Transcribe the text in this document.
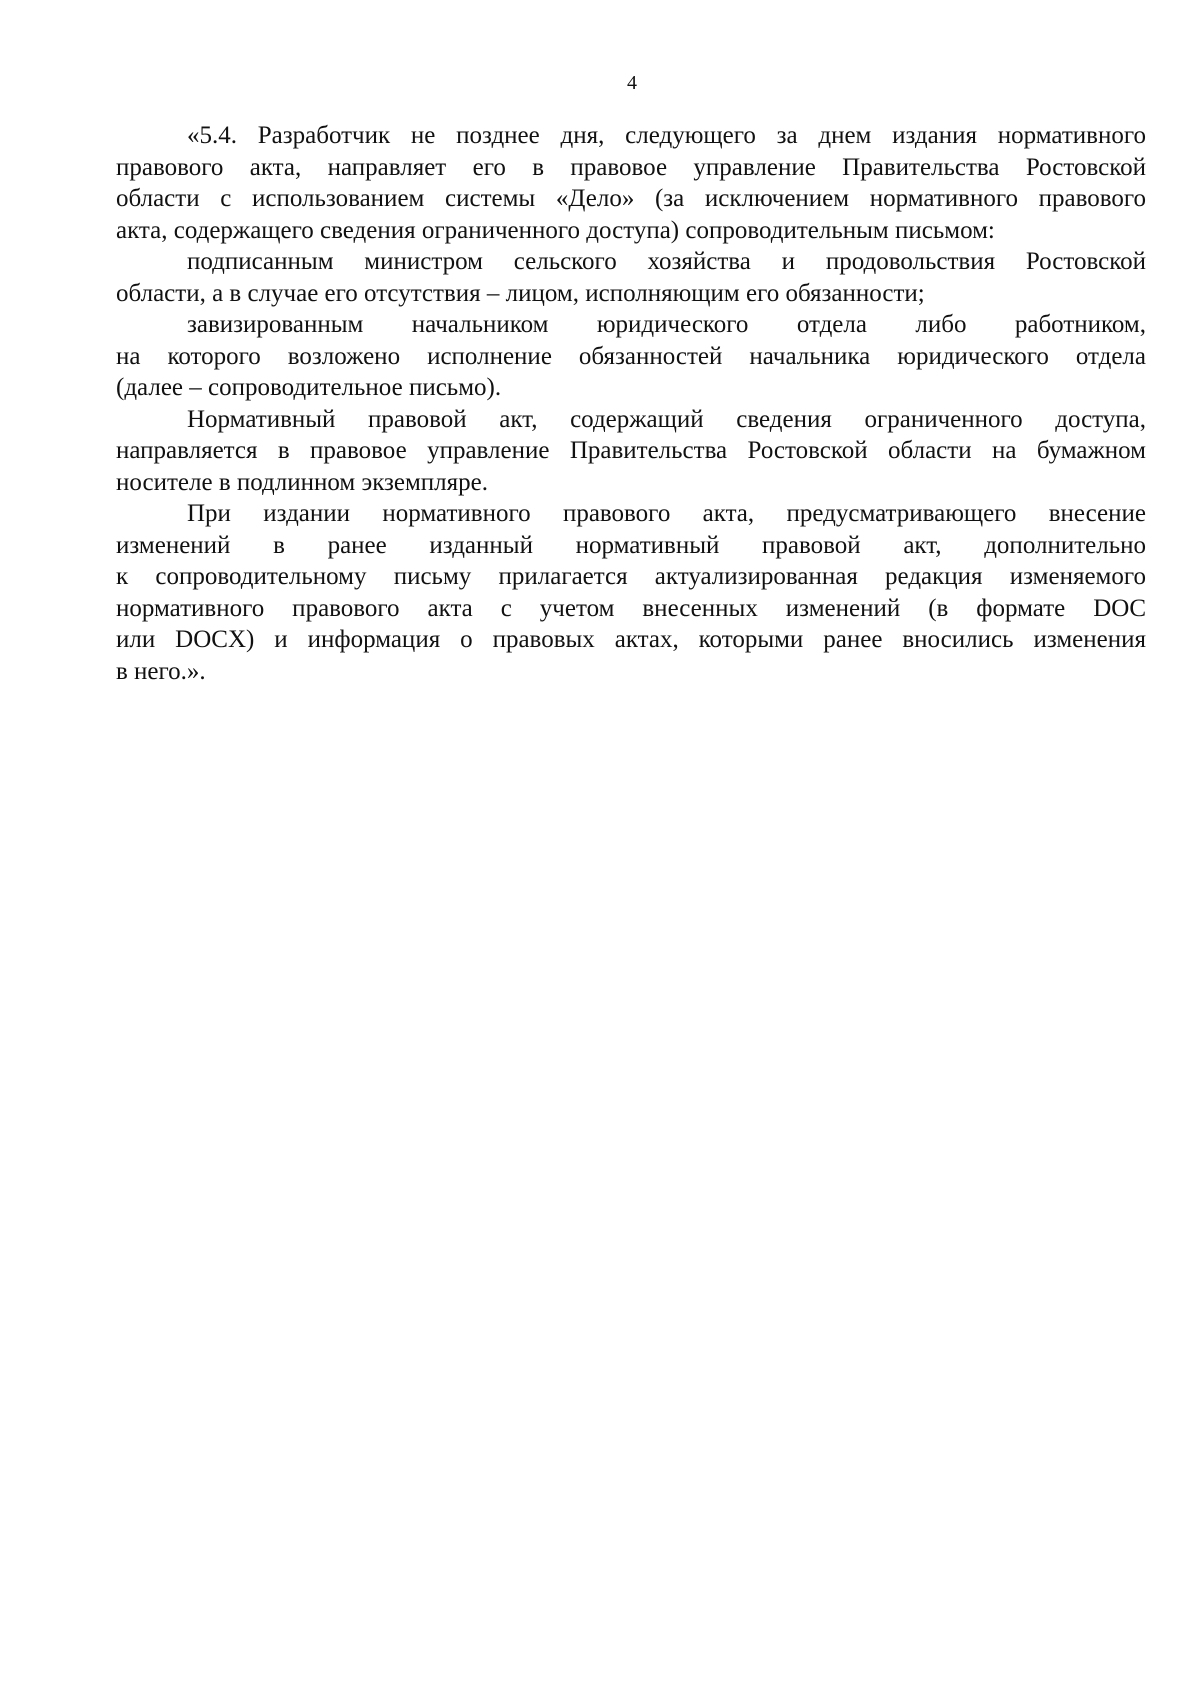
4
«5.4. Разработчик не позднее дня, следующего за днем издания нормативного
правового акта, направляет его в правовое управление Правительства Ростовской
области с использованием системы «Дело» (за исключением нормативного правового
акта, содержащего сведения ограниченного доступа) сопроводительным письмом:
подписанным министром сельского хозяйства и продовольствия Ростовской
области, а в случае его отсутствия – лицом, исполняющим его обязанности;
завизированным начальником юридического отдела либо работником,
на которого возложено исполнение обязанностей начальника юридического отдела
(далее – сопроводительное письмо).
Нормативный правовой акт, содержащий сведения ограниченного доступа,
направляется в правовое управление Правительства Ростовской области на бумажном
носителе в подлинном экземпляре.
При издании нормативного правового акта, предусматривающего внесение
изменений в ранее изданный нормативный правовой акт, дополнительно
к сопроводительному письму прилагается актуализированная редакция изменяемого
нормативного правового акта с учетом внесенных изменений (в формате DOC
или DOCX) и информация о правовых актах, которыми ранее вносились изменения
в него.».
